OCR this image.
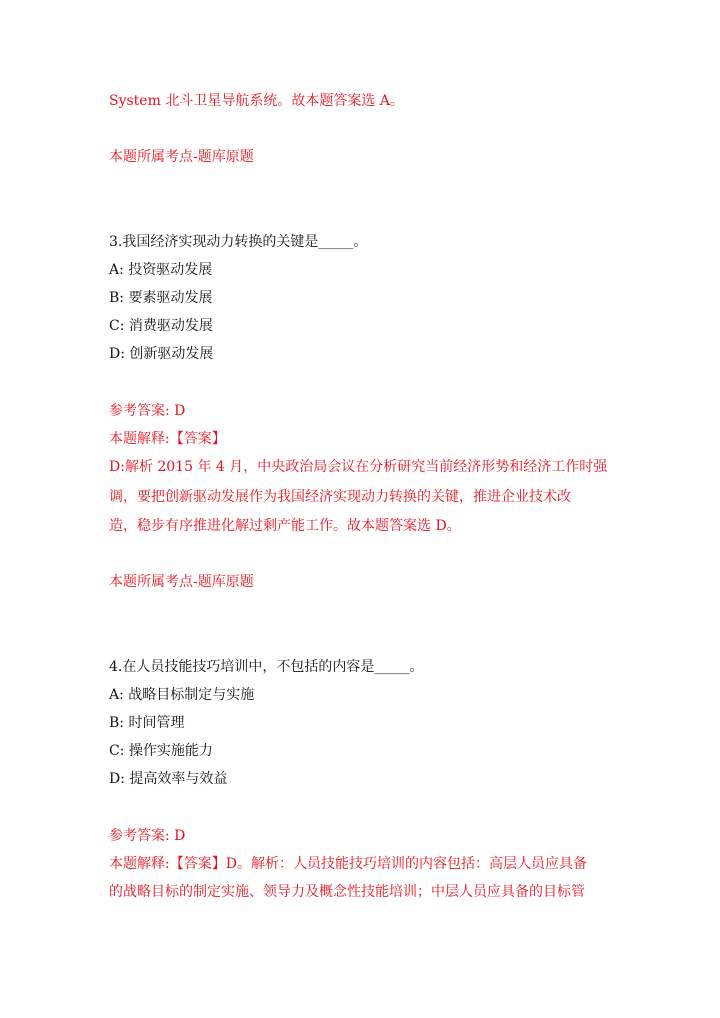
System 北斗卫星导航系统。故本题答案选 A。
本题所属考点-题库原题
3.我国经济实现动力转换的关键是_____。
A: 投资驱动发展
B: 要素驱动发展
C: 消费驱动发展
D: 创新驱动发展
参考答案: D
本题解释:【答案】
D:解析 2015 年 4 月，中央政治局会议在分析研究当前经济形势和经济工作时强
调，要把创新驱动发展作为我国经济实现动力转换的关键，推进企业技术改
造，稳步有序推进化解过剩产能工作。故本题答案选 D。
本题所属考点-题库原题
4.在人员技能技巧培训中，不包括的内容是_____。
A: 战略目标制定与实施
B: 时间管理
C: 操作实施能力
D: 提高效率与效益
参考答案: D
本题解释:【答案】D。解析：人员技能技巧培训的内容包括：高层人员应具备
的战略目标的制定实施、领导力及概念性技能培训；中层人员应具备的目标管
